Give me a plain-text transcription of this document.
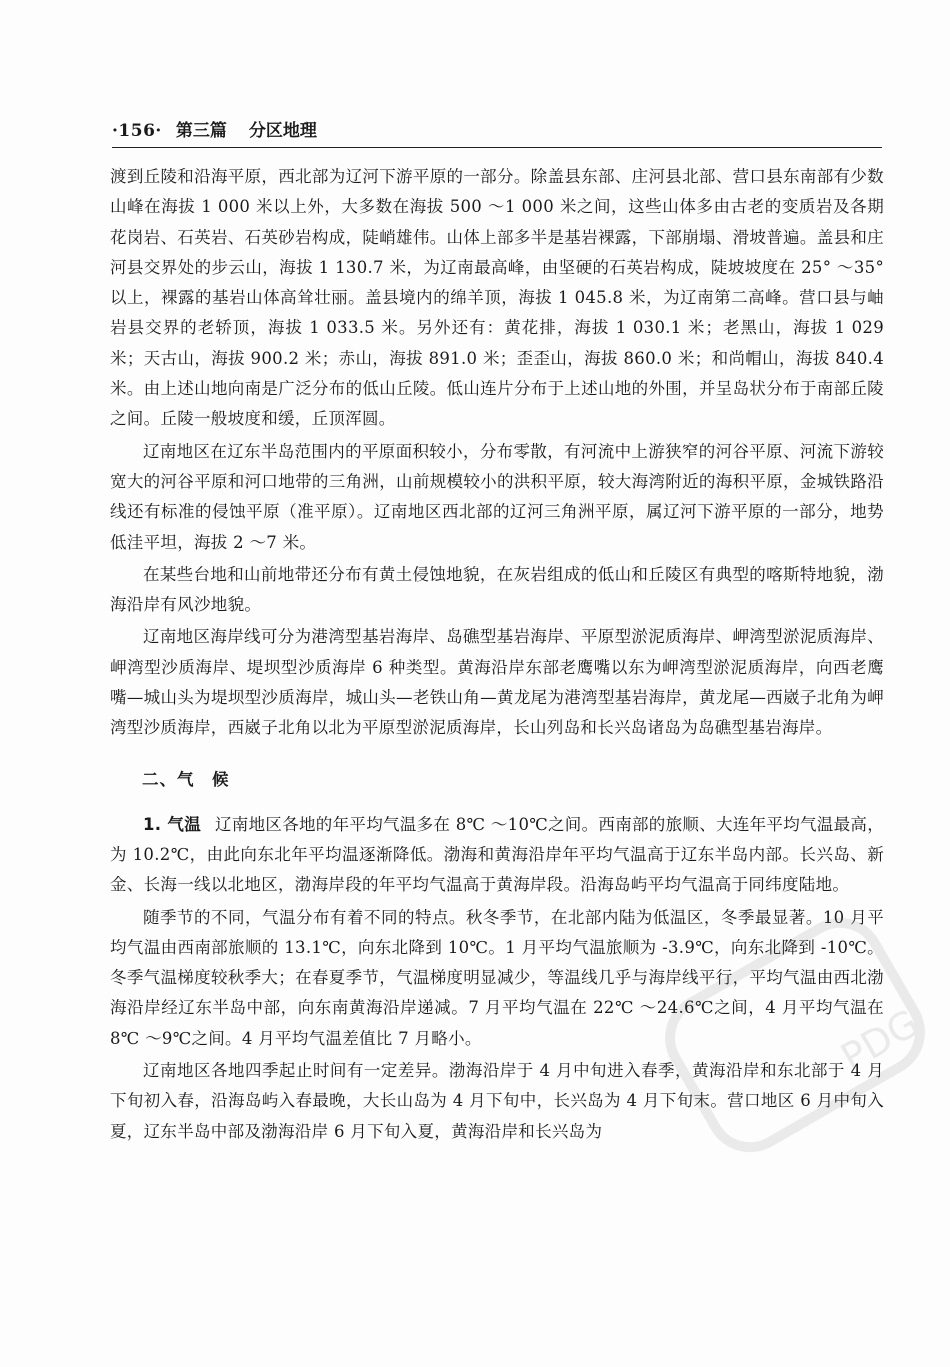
·156· 第三篇 分区地理

渡到丘陵和沿海平原，西北部为辽河下游平原的一部分。除盖县东部、庄河县北部、营口县东南部有少数山峰在海拔 1 000 米以上外，大多数在海拔 500 ～1 000 米之间，这些山体多由古老的变质岩及各期花岗岩、石英岩、石英砂岩构成，陡峭雄伟。山体上部多半是基岩裸露，下部崩塌、滑坡普遍。盖县和庄河县交界处的步云山，海拔 1 130.7 米，为辽南最高峰，由坚硬的石英岩构成，陡坡坡度在 25° ～35°以上，裸露的基岩山体高耸壮丽。盖县境内的绵羊顶，海拔 1 045.8 米，为辽南第二高峰。营口县与岫岩县交界的老轿顶，海拔 1 033.5 米。另外还有：黄花排，海拔 1 030.1 米；老黑山，海拔 1 029 米；天古山，海拔 900.2 米；赤山，海拔 891.0 米；歪歪山，海拔 860.0 米；和尚帽山，海拔 840.4 米。由上述山地向南是广泛分布的低山丘陵。低山连片分布于上述山地的外围，并呈岛状分布于南部丘陵之间。丘陵一般坡度和缓，丘顶浑圆。

辽南地区在辽东半岛范围内的平原面积较小，分布零散，有河流中上游狭窄的河谷平原、河流下游较宽大的河谷平原和河口地带的三角洲，山前规模较小的洪积平原，较大海湾附近的海积平原，金城铁路沿线还有标准的侵蚀平原（准平原）。辽南地区西北部的辽河三角洲平原，属辽河下游平原的一部分，地势低洼平坦，海拔 2 ～7 米。

在某些台地和山前地带还分布有黄土侵蚀地貌，在灰岩组成的低山和丘陵区有典型的喀斯特地貌，渤海沿岸有风沙地貌。

辽南地区海岸线可分为港湾型基岩海岸、岛礁型基岩海岸、平原型淤泥质海岸、岬湾型淤泥质海岸、岬湾型沙质海岸、堤坝型沙质海岸 6 种类型。黄海沿岸东部老鹰嘴以东为岬湾型淤泥质海岸，向西老鹰嘴—城山头为堤坝型沙质海岸，城山头—老铁山角—黄龙尾为港湾型基岩海岸，黄龙尾—西崴子北角为岬湾型沙质海岸，西崴子北角以北为平原型淤泥质海岸，长山列岛和长兴岛诸岛为岛礁型基岩海岸。

二、气　候

1. 气温 辽南地区各地的年平均气温多在 8℃ ～10℃之间。西南部的旅顺、大连年平均气温最高，为 10.2℃，由此向东北年平均温逐渐降低。渤海和黄海沿岸年平均气温高于辽东半岛内部。长兴岛、新金、长海一线以北地区，渤海岸段的年平均气温高于黄海岸段。沿海岛屿平均气温高于同纬度陆地。

随季节的不同，气温分布有着不同的特点。秋冬季节，在北部内陆为低温区，冬季最显著。10 月平均气温由西南部旅顺的 13.1℃，向东北降到 10℃。1 月平均气温旅顺为 -3.9℃，向东北降到 -10℃。冬季气温梯度较秋季大；在春夏季节，气温梯度明显减少，等温线几乎与海岸线平行，平均气温由西北渤海沿岸经辽东半岛中部，向东南黄海沿岸递减。7 月平均气温在 22℃ ～24.6℃之间，4 月平均气温在 8℃ ～9℃之间。4 月平均气温差值比 7 月略小。

辽南地区各地四季起止时间有一定差异。渤海沿岸于 4 月中旬进入春季，黄海沿岸和东北部于 4 月下旬初入春，沿海岛屿入春最晚，大长山岛为 4 月下旬中，长兴岛为 4 月下旬末。营口地区 6 月中旬入夏，辽东半岛中部及渤海沿岸 6 月下旬入夏，黄海沿岸和长兴岛为

PDG
